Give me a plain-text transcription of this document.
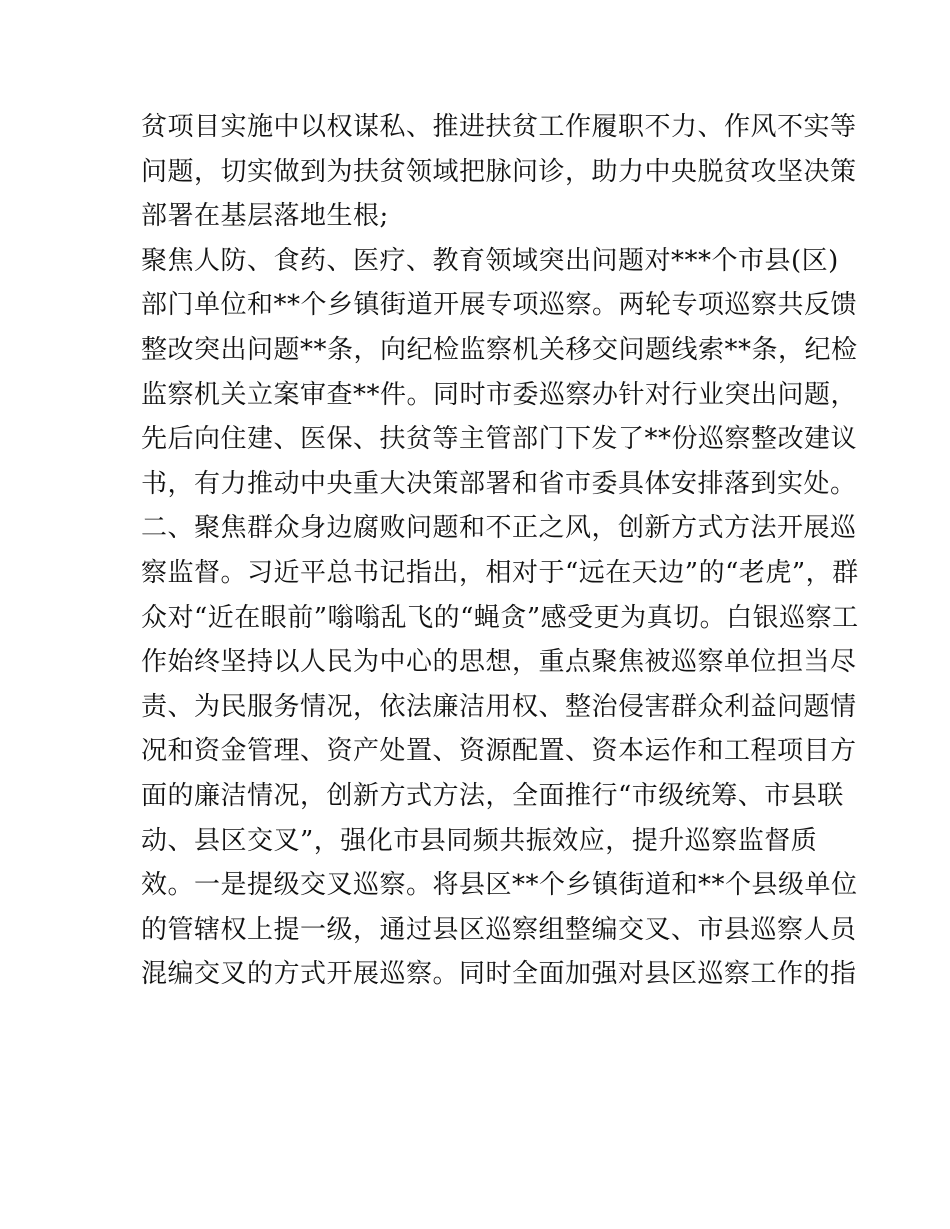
贫项目实施中以权谋私、推进扶贫工作履职不力、作风不实等

问题，切实做到为扶贫领域把脉问诊，助力中央脱贫攻坚决策

部署在基层落地生根;

聚焦人防、食药、医疗、教育领域突出问题对***个市县(区)

部门单位和**个乡镇街道开展专项巡察。两轮专项巡察共反馈

整改突出问题**条，向纪检监察机关移交问题线索**条，纪检

监察机关立案审查**件。同时市委巡察办针对行业突出问题，

先后向住建、医保、扶贫等主管部门下发了**份巡察整改建议

书，有力推动中央重大决策部署和省市委具体安排落到实处。

二、聚焦群众身边腐败问题和不正之风，创新方式方法开展巡

察监督。习近平总书记指出，相对于“远在天边”的“老虎”，群

众对“近在眼前”嗡嗡乱飞的“蝇贪”感受更为真切。白银巡察工

作始终坚持以人民为中心的思想，重点聚焦被巡察单位担当尽

责、为民服务情况，依法廉洁用权、整治侵害群众利益问题情

况和资金管理、资产处置、资源配置、资本运作和工程项目方

面的廉洁情况，创新方式方法，全面推行“市级统筹、市县联

动、县区交叉”，强化市县同频共振效应，提升巡察监督质

效。一是提级交叉巡察。将县区**个乡镇街道和**个县级单位

的管辖权上提一级，通过县区巡察组整编交叉、市县巡察人员

混编交叉的方式开展巡察。同时全面加强对县区巡察工作的指
